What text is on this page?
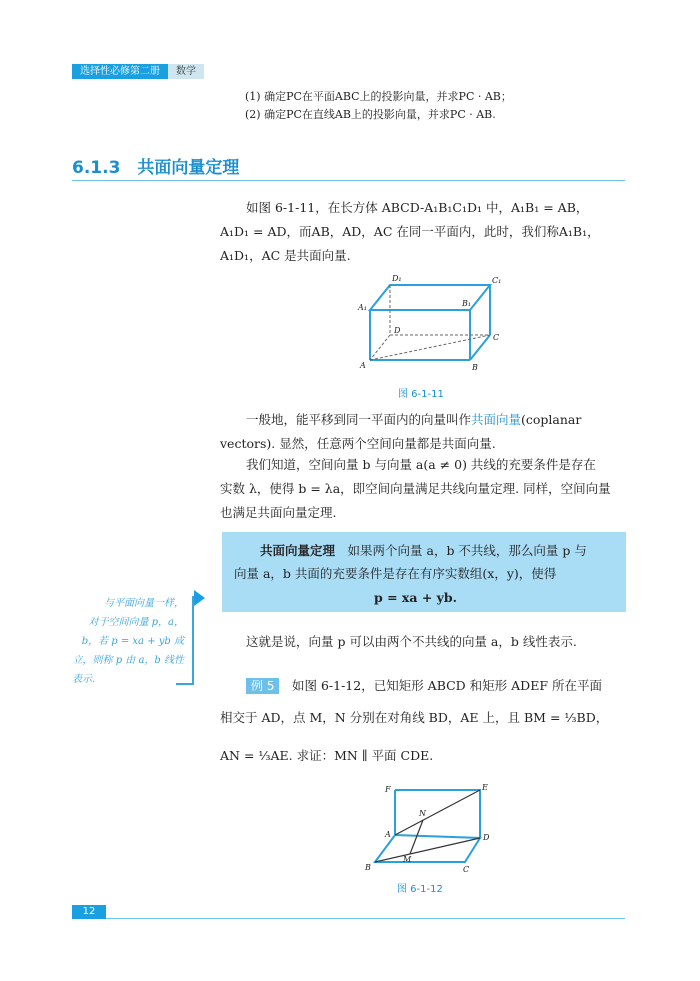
选择性必修第二册	数学
(1) 确定PC在平面ABC上的投影向量，并求PC · AB；
(2) 确定PC在直线AB上的投影向量，并求PC · AB.
6.1.3　共面向量定理
如图 6-1-11，在长方体 ABCD-A₁B₁C₁D₁ 中，A₁B₁ = AB，
A₁D₁ = AD，而AB，AD，AC 在同一平面内，此时，我们称A₁B₁，
A₁D₁，AC 是共面向量.
D₁	C₁
A₁	B₁
D
C
A	B
图 6-1-11
一般地，能平移到同一平面内的向量叫作共面向量(coplanar
vectors). 显然，任意两个空间向量都是共面向量.
我们知道，空间向量 b 与向量 a(a ≠ 0) 共线的充要条件是存在
实数 λ，使得 b = λa，即空间向量满足共线向量定理. 同样，空间向量
也满足共面向量定理.
共面向量定理　如果两个向量 a，b 不共线，那么向量 p 与
向量 a，b 共面的充要条件是存在有序实数组(x，y)，使得
p = xa + yb.
与平面向量一样，
对于空间向量 p，a，
b，若 p = xa + yb 成
立，则称 p 由 a，b 线性
表示.
这就是说，向量 p 可以由两个不共线的向量 a，b 线性表示.
例 5　 如图 6-1-12，已知矩形 ABCD 和矩形 ADEF 所在平面
相交于 AD，点 M，N 分别在对角线 BD，AE 上，且 BM = ⅓BD，
AN = ⅓AE. 求证：MN ∥ 平面 CDE.
F	E
N
A	D
M
B	C
图 6-1-12
12
